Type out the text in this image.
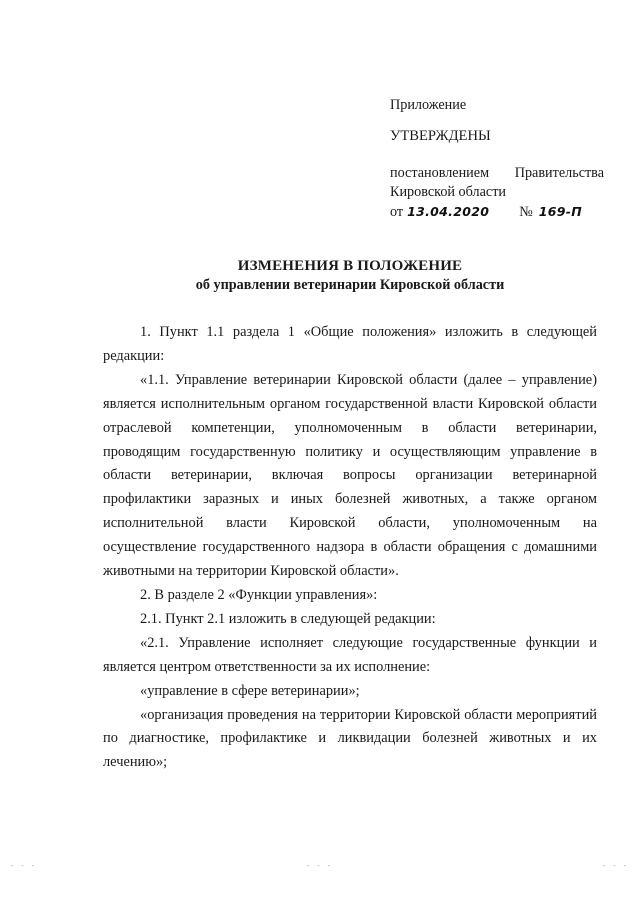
Приложение

УТВЕРЖДЕНЫ

постановлением Правительства

Кировской области

от 13.04.2020 № 169-П

ИЗМЕНЕНИЯ В ПОЛОЖЕНИЕ
об управлении ветеринарии Кировской области

1. Пункт 1.1 раздела 1 «Общие положения» изложить в следующей редакции:

«1.1. Управление ветеринарии Кировской области (далее – управление) является исполнительным органом государственной власти Кировской области отраслевой компетенции, уполномоченным в области ветеринарии, проводящим государственную политику и осуществляющим управление в области ветеринарии, включая вопросы организации ветеринарной профилактики заразных и иных болезней животных, а также органом исполнительной власти Кировской области, уполномоченным на осуществление государственного надзора в области обращения с домашними животными на территории Кировской области».

2. В разделе 2 «Функции управления»:

2.1. Пункт 2.1 изложить в следующей редакции:

«2.1. Управление исполняет следующие государственные функции и является центром ответственности за их исполнение:

«управление в сфере ветеринарии»;

«организация проведения на территории Кировской области мероприятий по диагностике, профилактике и ликвидации болезней животных и их лечению»;

- - -	- - -	- - -
